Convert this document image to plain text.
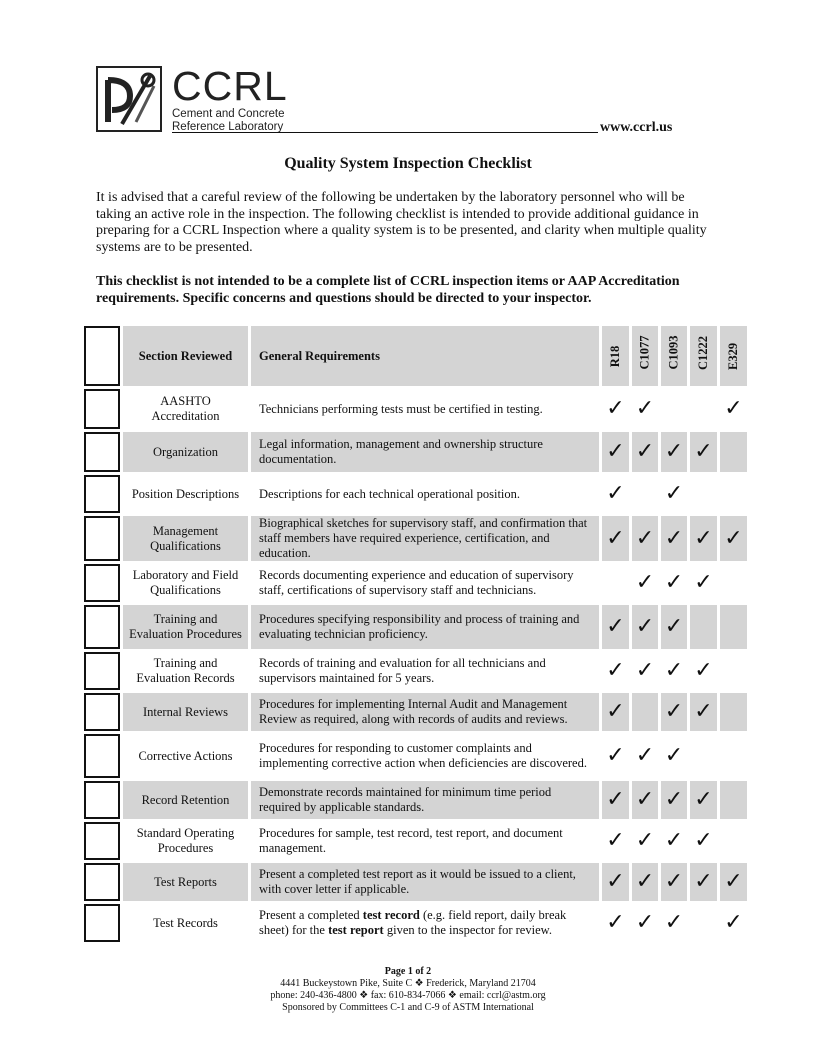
CCRL
Cement and Concrete
Reference Laboratory	www.ccrl.us
Quality System Inspection Checklist
It is advised that a careful review of the following be undertaken by the laboratory personnel who will be taking an active role in the inspection. The following checklist is intended to provide additional guidance in preparing for a CCRL Inspection where a quality system is to be presented, and clarity when multiple quality systems are to be presented.
This checklist is not intended to be a complete list of CCRL inspection items or AAP Accreditation requirements. Specific concerns and questions should be directed to your inspector.
	Section Reviewed	General Requirements	R18	C1077	C1093	C1222	E329

	AASHTO Accreditation	Technicians performing tests must be certified in testing.	✓	✓			✓
	Organization	Legal information, management and ownership structure documentation.	✓	✓	✓	✓	
	Position Descriptions	Descriptions for each technical operational position.	✓		✓		
	Management Qualifications	Biographical sketches for supervisory staff, and confirmation that staff members have required experience, certification, and education.	✓	✓	✓	✓	✓
	Laboratory and Field Qualifications	Records documenting experience and education of supervisory staff, certifications of supervisory staff and technicians.		✓	✓	✓	
	Training and Evaluation Procedures	Procedures specifying responsibility and process of training and evaluating technician proficiency.	✓	✓	✓		
	Training and Evaluation Records	Records of training and evaluation for all technicians and supervisors maintained for 5 years.	✓	✓	✓	✓	
	Internal Reviews	Procedures for implementing Internal Audit and Management Review as required, along with records of audits and reviews.	✓		✓	✓	
	Corrective Actions	Procedures for responding to customer complaints and implementing corrective action when deficiencies are discovered.	✓	✓	✓		
	Record Retention	Demonstrate records maintained for minimum time period required by applicable standards.	✓	✓	✓	✓	
	Standard Operating Procedures	Procedures for sample, test record, test report, and document management.	✓	✓	✓	✓	
	Test Reports	Present a completed test report as it would be issued to a client, with cover letter if applicable.	✓	✓	✓	✓	✓
	Test Records	Present a completed test record (e.g. field report, daily break sheet) for the test report given to the inspector for review.	✓	✓	✓		✓
Page 1 of 2
4441 Buckeystown Pike, Suite C ❖ Frederick, Maryland 21704
phone: 240-436-4800 ❖ fax: 610-834-7066 ❖ email: ccrl@astm.org
Sponsored by Committees C-1 and C-9 of ASTM International
